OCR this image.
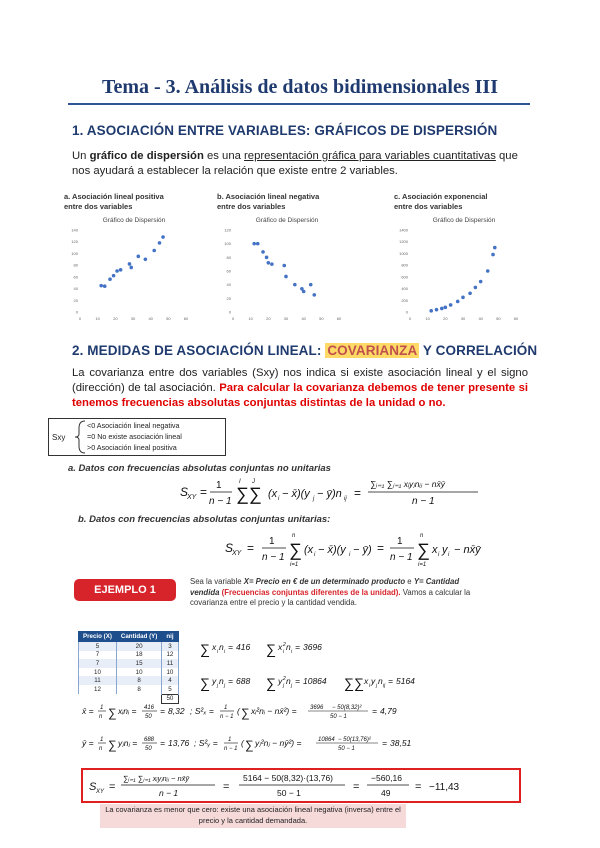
Tema - 3. Análisis de datos bidimensionales III
1. ASOCIACIÓN ENTRE VARIABLES: GRÁFICOS DE DISPERSIÓN
Un gráfico de dispersión es una representación gráfica para variables cuantitativas que nos ayudará a establecer la relación que existe entre 2 variables.
a. Asociación lineal positiva
entre dos variables
Gráfico de Dispersión
0
20
40
60
80
100
120
140
0	10	20	30	40	50	60
b. Asociación lineal negativa
entre dos variables
Gráfico de Dispersión
0
20
40
60
80
100
120
0	10	20	30	40	50	60
c. Asociación exponencial
entre dos variables
Gráfico de Dispersión
0
200
400
600
800
1000
1200
1400
0	10	20	30	40	50	60
2. MEDIDAS DE ASOCIACIÓN LINEAL: COVARIANZA Y CORRELACIÓN
La covarianza entre dos variables (Sxy) nos indica si existe asociación lineal y el signo (dirección) de tal asociación. Para calcular la covarianza debemos de tener presente si tenemos frecuencias absolutas conjuntas distintas de la unidad o no.
Sxy
<0 Asociación lineal negativa
=0 No existe asociación lineal
>0 Asociación lineal positiva
a. Datos con frecuencias absolutas conjuntas no unitarias
S
XY = 1
n − 1 ∑∑
I J
(x i − x̄)(y j − ȳ)n ij =
∑ᵢ₌₁ ∑ⱼ₌₁ xᵢyⱼnᵢⱼ − nx̄ȳ
n − 1
b. Datos con frecuencias absolutas conjuntas unitarias:
S
XY = 1
n − 1 ∑
n
i=1
(x i − x̄)(y i − ȳ) = 1
n − 1 ∑
n
i=1
x i y i − nx̄ȳ
EJEMPLO 1
Sea la variable X= Precio en € de un determinado producto e Y= Cantidad vendida (Frecuencias conjuntas diferentes de la unidad). Vamos a calcular la covarianza entre el precio y la cantidad vendida.
Precio (X)	Cantidad (Y)	nij
5	20	3
7	18	12
7	15	11
10	10	10
11	8	4
12	8	5
		50
∑ x i n i = 416 ∑ x 2
i n i = 3696
∑ y j n j = 688 ∑ y 2
j n j = 10864 ∑∑ x i y j n ij = 5164
x̄ = 1
n ∑ xᵢnᵢ = 416
50
= 8,32 ; S²ₓ = 1
n − 1
( ∑ xᵢ²nᵢ − nx̄²) = 3696 − 50(8,32)²
50 − 1
= 4,79
ȳ = 1
n ∑ yⱼnⱼ = 688
50
= 13,76 ; S²ᵧ = 1
n − 1
( ∑ yⱼ²nⱼ − nȳ²) =	10864 − 50(13,76)²
50 − 1
= 38,51
S XY =
∑ᵢ₌₁ ∑ⱼ₌₁ xᵢyⱼnᵢⱼ − nx̄ȳ
n − 1	=
5164 − 50(8,32)·(13,76)
50 − 1	=
−560,16
49 = −11,43
La covarianza es menor que cero: existe una asociación lineal negativa (inversa) entre el precio y la cantidad demandada.
